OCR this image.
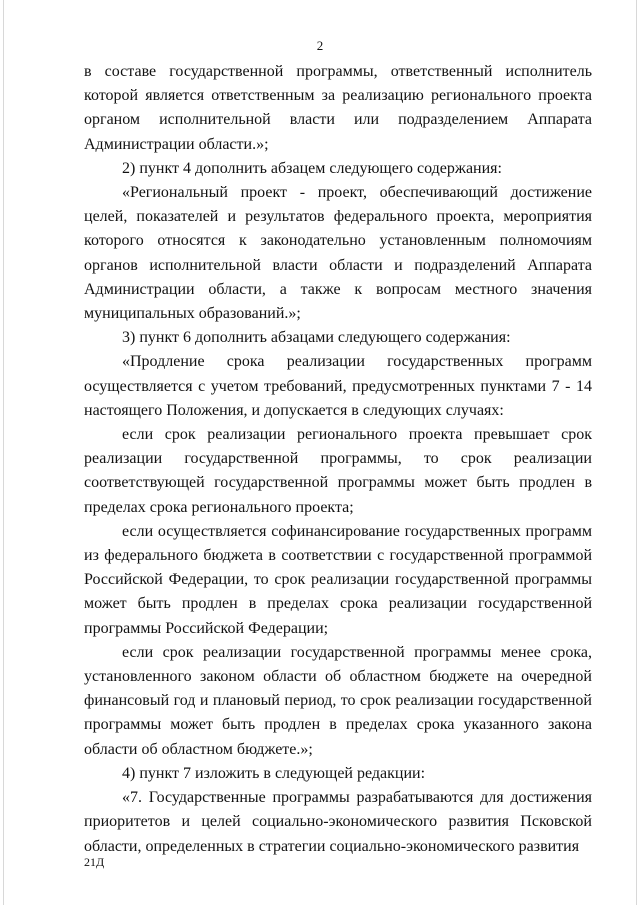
2

в составе государственной программы, ответственный исполнитель которой является ответственным за реализацию регионального проекта органом исполнительной власти или подразделением Аппарата Администрации области.»;

2) пункт 4 дополнить абзацем следующего содержания:

«Региональный проект - проект, обеспечивающий достижение целей, показателей и результатов федерального проекта, мероприятия которого относятся к законодательно установленным полномочиям органов исполнительной власти области и подразделений Аппарата Администрации области, а также к вопросам местного значения муниципальных образований.»;

3) пункт 6 дополнить абзацами следующего содержания:

«Продление срока реализации государственных программ осуществляется с учетом требований, предусмотренных пунктами 7 - 14 настоящего Положения, и допускается в следующих случаях:

если срок реализации регионального проекта превышает срок реализации государственной программы, то срок реализации соответствующей государственной программы может быть продлен в пределах срока регионального проекта;

если осуществляется софинансирование государственных программ из федерального бюджета в соответствии с государственной программой Российской Федерации, то срок реализации государственной программы может быть продлен в пределах срока реализации государственной программы Российской Федерации;

если срок реализации государственной программы менее срока, установленного законом области об областном бюджете на очередной финансовый год и плановый период, то срок реализации государственной программы может быть продлен в пределах срока указанного закона области об областном бюджете.»;

4) пункт 7 изложить в следующей редакции:

«7. Государственные программы разрабатываются для достижения приоритетов и целей социально-экономического развития Псковской области, определенных в стратегии социально-экономического развития

21Д
